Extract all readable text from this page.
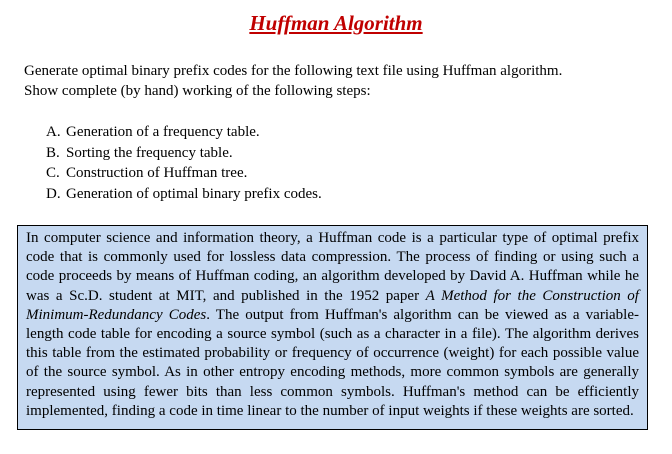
Huffman Algorithm
Generate optimal binary prefix codes for the following text file using Huffman algorithm.
Show complete (by hand) working of the following steps:
A. Generation of a frequency table.
B. Sorting the frequency table.
C. Construction of Huffman tree.
D. Generation of optimal binary prefix codes.

In computer science and information theory, a Huffman code is a particular type of optimal prefix code that is commonly used for lossless data compression. The process of finding or using such a code proceeds by means of Huffman coding, an algorithm developed by David A. Huffman while he was a Sc.D. student at MIT, and published in the 1952 paper A Method for the Construction of Minimum-Redundancy Codes. The output from Huffman's algorithm can be viewed as a variable-length code table for encoding a source symbol (such as a character in a file). The algorithm derives this table from the estimated probability or frequency of occurrence (weight) for each possible value of the source symbol. As in other entropy encoding methods, more common symbols are generally represented using fewer bits than less common symbols. Huffman's method can be efficiently implemented, finding a code in time linear to the number of input weights if these weights are sorted.
